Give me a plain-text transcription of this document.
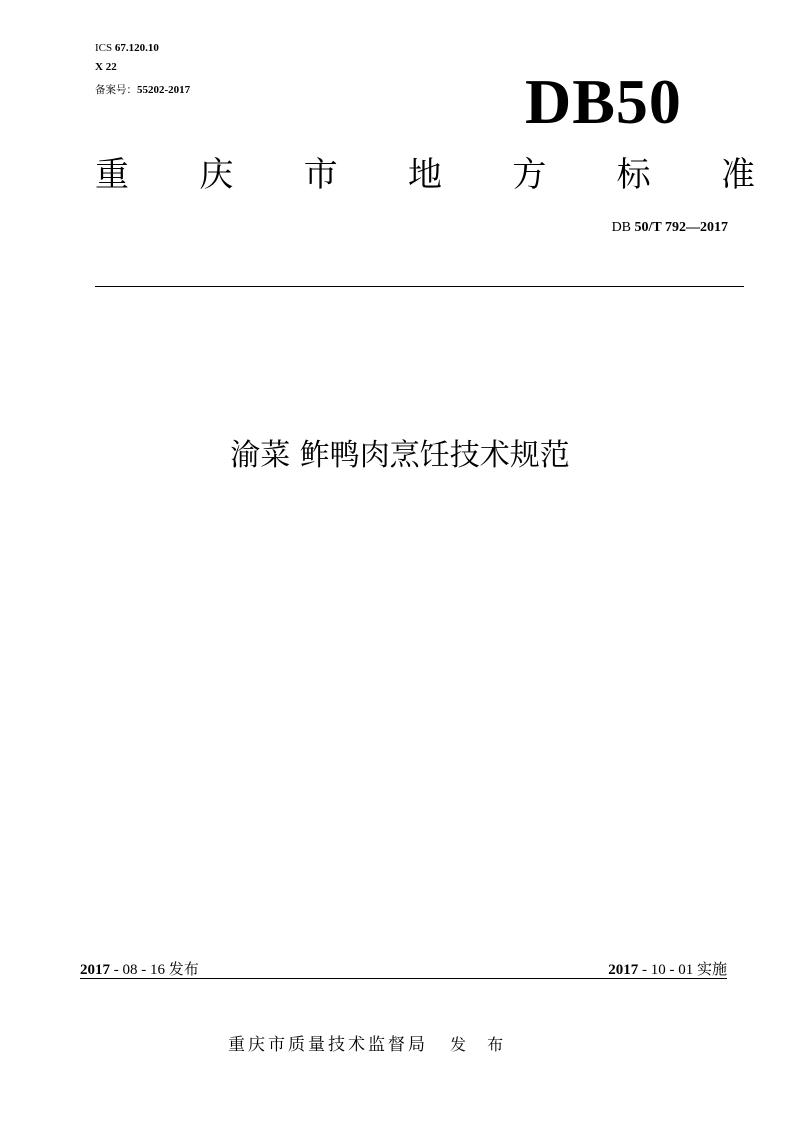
ICS 67.120.10
X 22
备案号：55202-2017	DB50
重 庆 市 地 方 标 准
DB 50/T 792—2017
渝菜 鲊鸭肉烹饪技术规范
2017 - 08 - 16 发布	2017 - 10 - 01 实施
重庆市质量技术监督局 发 布
